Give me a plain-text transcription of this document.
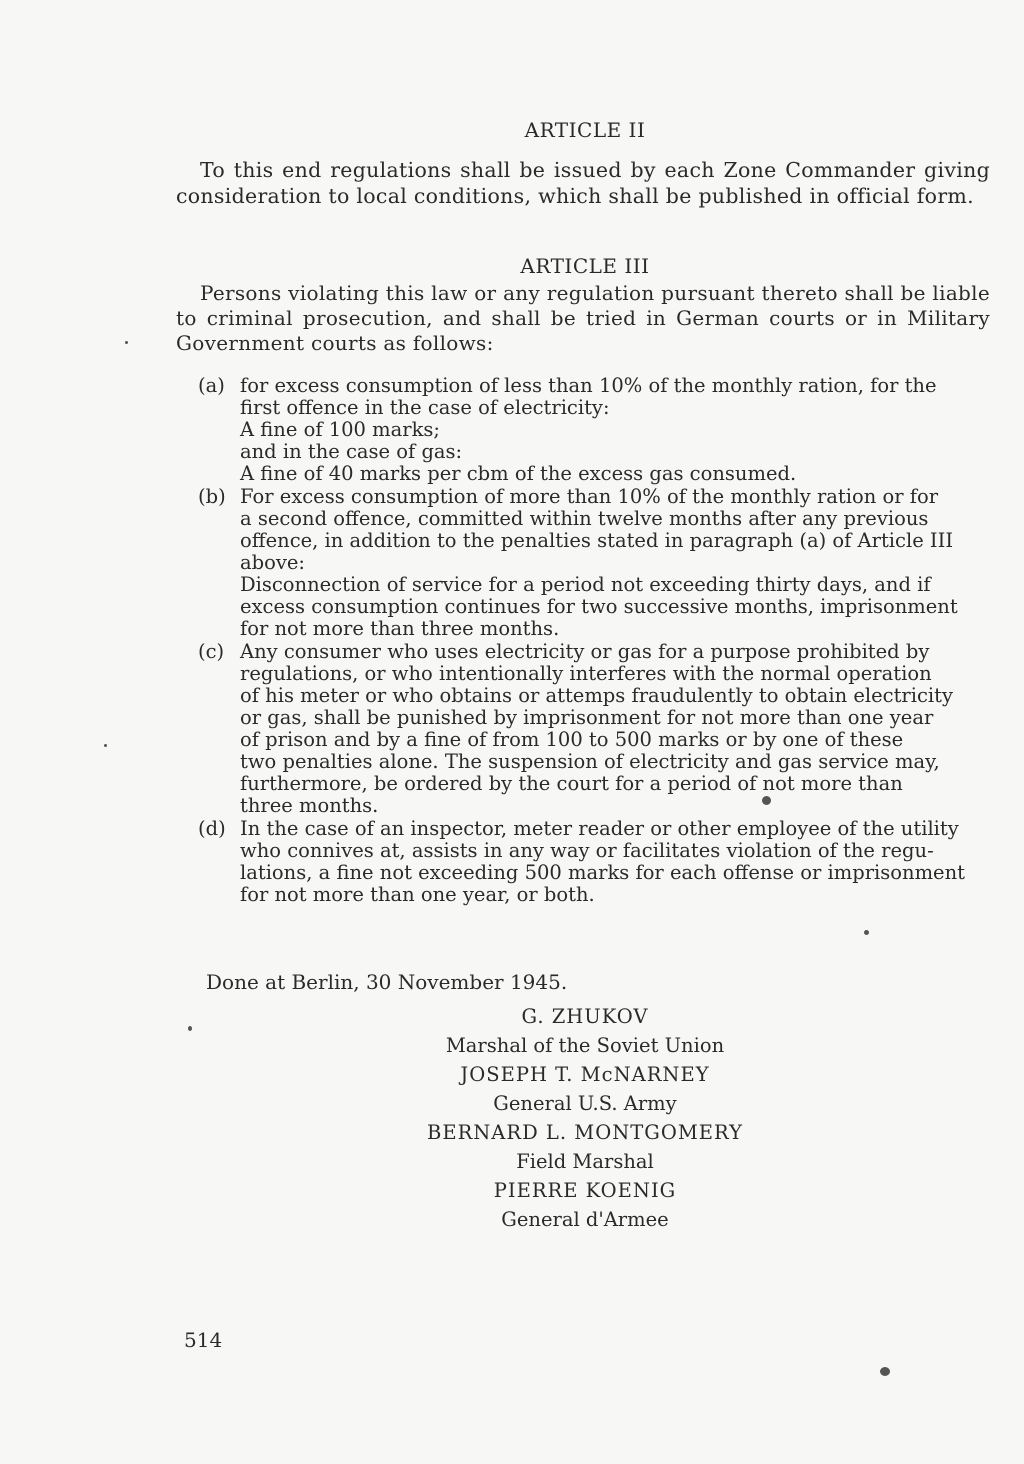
ARTICLE II
To this end regulations shall be issued by each Zone Commander giving consideration to local conditions, which shall be published in official form.
ARTICLE III
Persons violating this law or any regulation pursuant thereto shall be liable to criminal prosecution, and shall be tried in German courts or in Military Government courts as follows:
(a) for excess consumption of less than 10% of the monthly ration, for the
first offence in the case of electricity:
A fine of 100 marks;
and in the case of gas:
A fine of 40 marks per cbm of the excess gas consumed.
(b) For excess consumption of more than 10% of the monthly ration or for
a second offence, committed within twelve months after any previous
offence, in addition to the penalties stated in paragraph (a) of Article III
above:
Disconnection of service for a period not exceeding thirty days, and if
excess consumption continues for two successive months, imprisonment
for not more than three months.
(c) Any consumer who uses electricity or gas for a purpose prohibited by
regulations, or who intentionally interferes with the normal operation
of his meter or who obtains or attemps fraudulently to obtain electricity
or gas, shall be punished by imprisonment for not more than one year
of prison and by a fine of from 100 to 500 marks or by one of these
two penalties alone. The suspension of electricity and gas service may,
furthermore, be ordered by the court for a period of not more than
three months.
(d) In the case of an inspector, meter reader or other employee of the utility
who connives at, assists in any way or facilitates violation of the regu-
lations, a fine not exceeding 500 marks for each offense or imprisonment
for not more than one year, or both.
Done at Berlin, 30 November 1945.
G. ZHUKOV
Marshal of the Soviet Union
JOSEPH T. McNARNEY
General U.S. Army
BERNARD L. MONTGOMERY
Field Marshal
PIERRE KOENIG
General d'Armee
514
